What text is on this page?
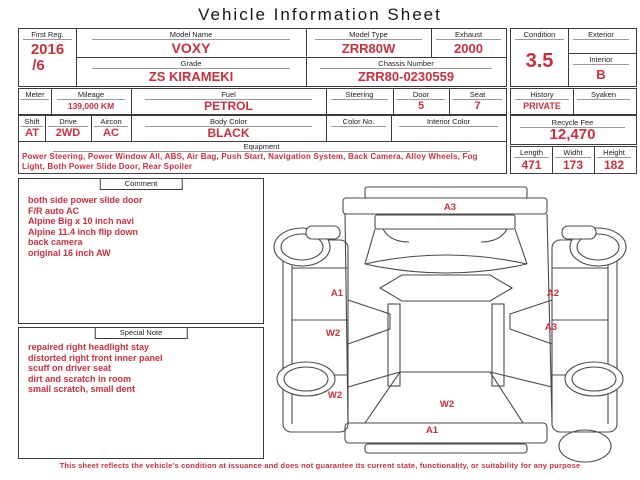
Vehicle Information Sheet
First Reg.
2016
/6
Model Name
VOXY
Grade
ZS KIRAMEKI
Model Type
ZRR80W
Exhaust
2000
Chassis Number
ZRR80-0230559
Condition
3.5
Exterior
Interior
B
Meter	Mileage
139,000 KM
Fuel
PETROL
Steering	Door
5
Seat
7
History
PRIVATE
Syaken
Shift
AT
Drive
2WD
Aircon
AC
Body Color
BLACK
Color No.	Interior Color
Equipment
Power Steering, Power Window All, ABS, Air Bag, Push Start, Navigation System, Back Camera, Alloy Wheels, Fog Light, Both Power Slide Door, Rear Spoiler
Recycle Fee
12,470
Length
471
Widht
173
Height
182
Comment
both side power slide door
F/R auto AC
Alpine Big x 10 inch navi
Alpine 11.4 inch flip down
back camera
original 16 inch AW
Special Note
repaired right headlight stay
distorted right front inner panel
scuff on driver seat
dirt and scratch in room
small scratch, small dent
A3
A1	A2
W2
A3
W2
W2
A1
This sheet reflects the vehicle's condition at issuance and does not guarantee its current state, functionality, or suitability for any purpose
